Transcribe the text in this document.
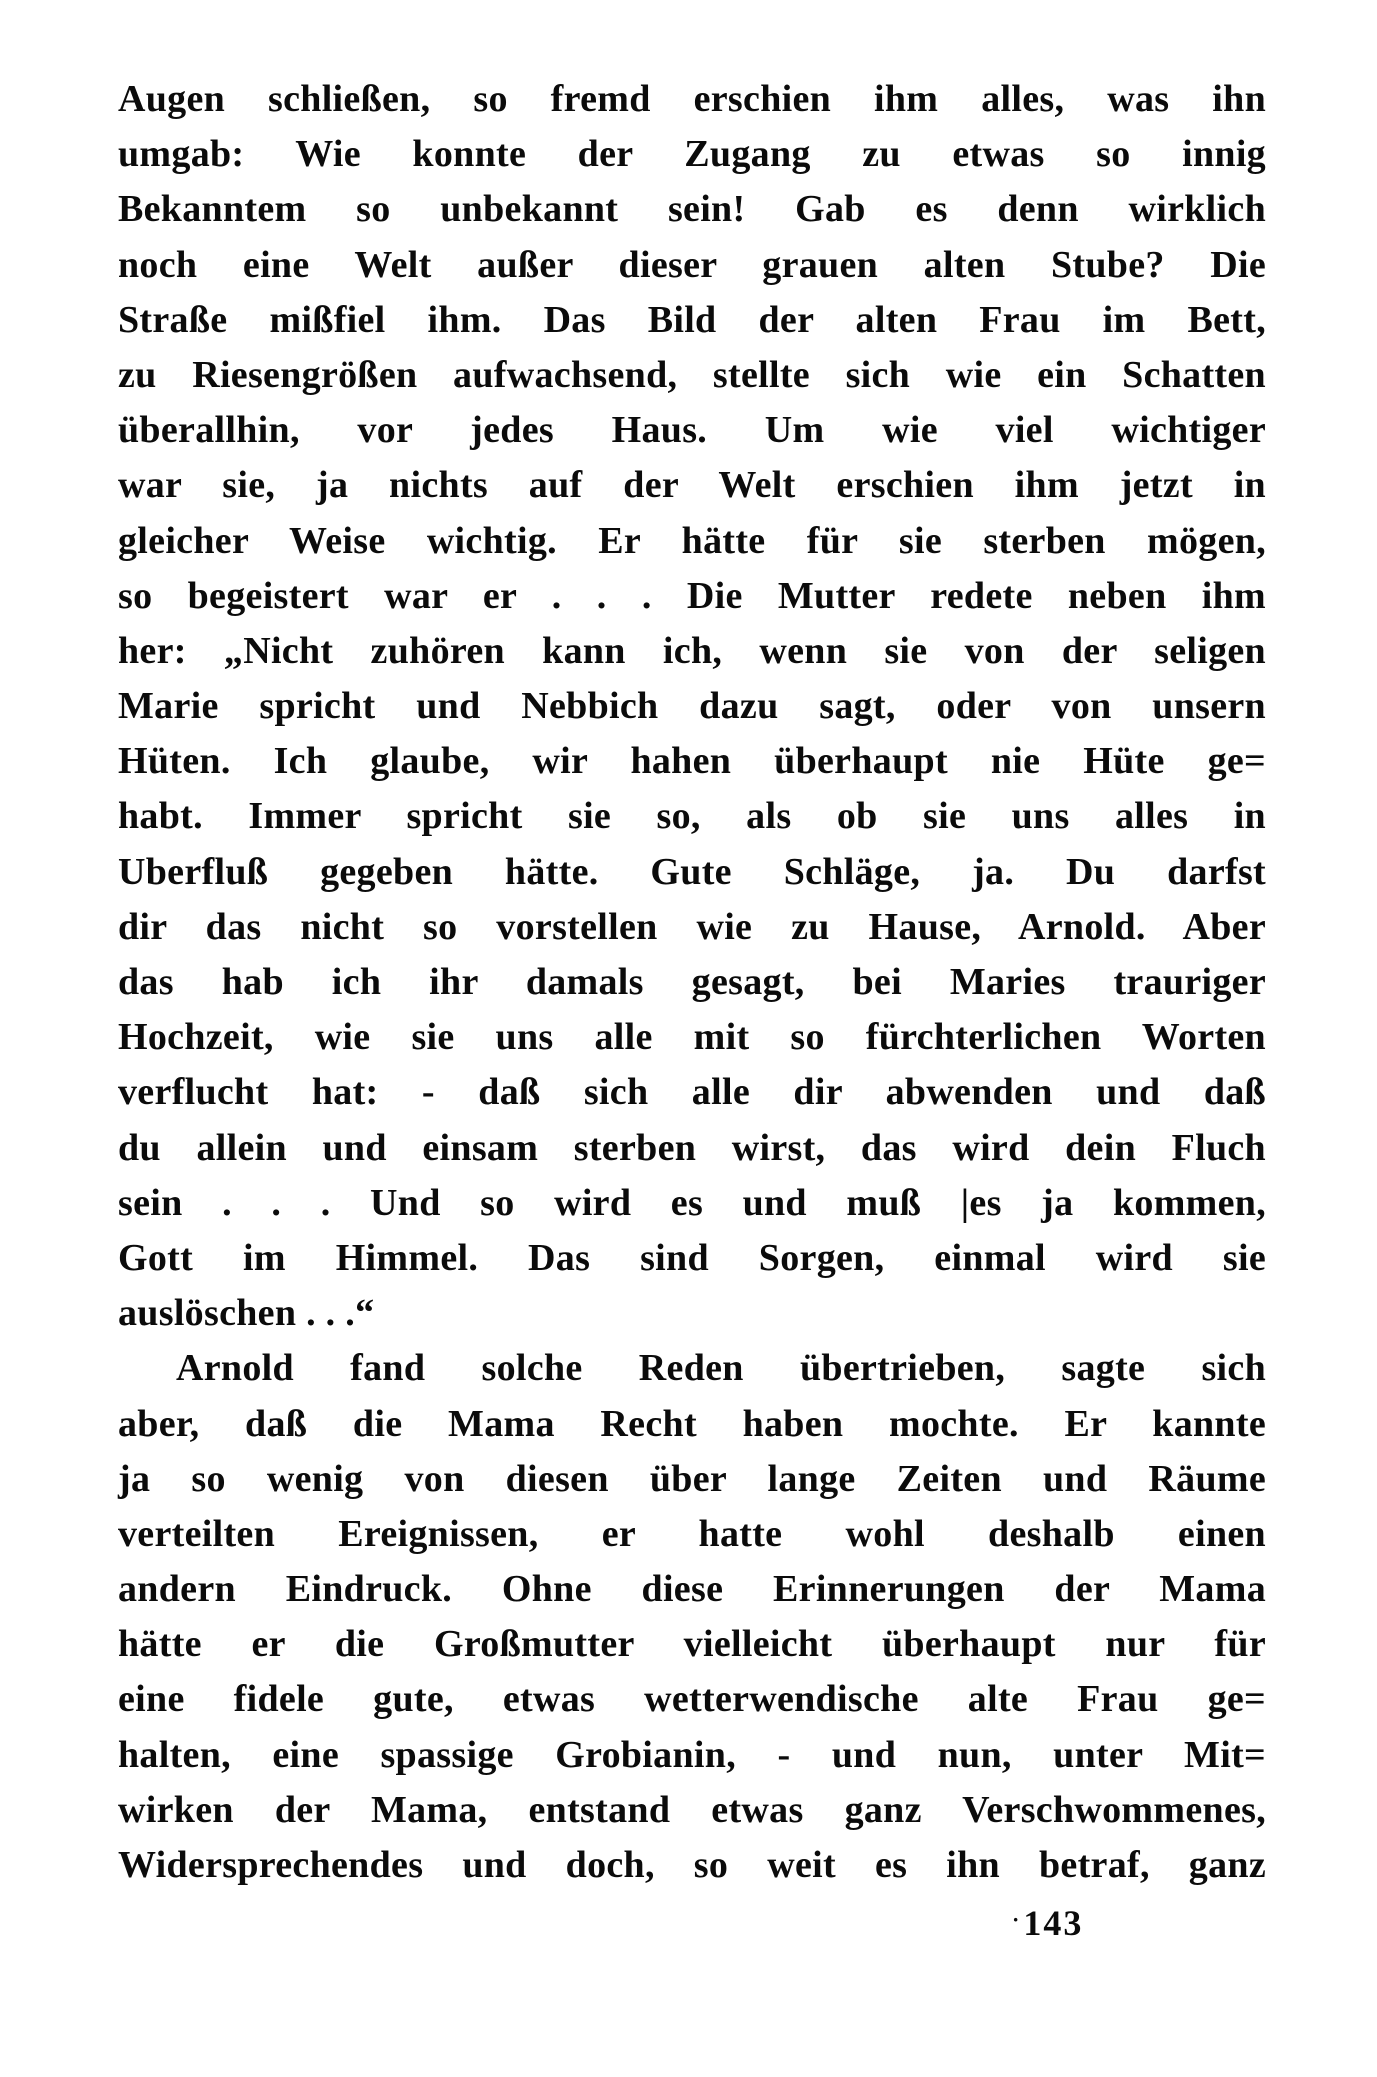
Augen schließen, so fremd erschien ihm alles, was ihn
umgab: Wie konnte der Zugang zu etwas so innig
Bekanntem so unbekannt sein! Gab es denn wirklich
noch eine Welt außer dieser grauen alten Stube? Die
Straße mißfiel ihm. Das Bild der alten Frau im Bett,
zu Riesengrößen aufwachsend, stellte sich wie ein Schatten
überallhin, vor jedes Haus. Um wie viel wichtiger
war sie, ja nichts auf der Welt erschien ihm jetzt in
gleicher Weise wichtig. Er hätte für sie sterben mögen,
so begeistert war er . . . Die Mutter redete neben ihm
her: „Nicht zuhören kann ich, wenn sie von der seligen
Marie spricht und Nebbich dazu sagt, oder von unsern
Hüten. Ich glaube, wir hahen überhaupt nie Hüte ge=
habt. Immer spricht sie so, als ob sie uns alles in
Uberfluß gegeben hätte. Gute Schläge, ja. Du darfst
dir das nicht so vorstellen wie zu Hause, Arnold. Aber
das hab ich ihr damals gesagt, bei Maries trauriger
Hochzeit, wie sie uns alle mit so fürchterlichen Worten
verflucht hat: - daß sich alle dir abwenden und daß
du allein und einsam sterben wirst, das wird dein Fluch
sein . . . Und so wird es und muß |es ja kommen,
Gott im Himmel. Das sind Sorgen, einmal wird sie
auslöschen . . .“
Arnold fand solche Reden übertrieben, sagte sich
aber, daß die Mama Recht haben mochte. Er kannte
ja so wenig von diesen über lange Zeiten und Räume
verteilten Ereignissen, er hatte wohl deshalb einen
andern Eindruck. Ohne diese Erinnerungen der Mama
hätte er die Großmutter vielleicht überhaupt nur für
eine fidele gute, etwas wetterwendische alte Frau ge=
halten, eine spassige Grobianin, - und nun, unter Mit=
wirken der Mama, entstand etwas ganz Verschwommenes,
Widersprechendes und doch, so weit es ihn betraf, ganz
· 143
